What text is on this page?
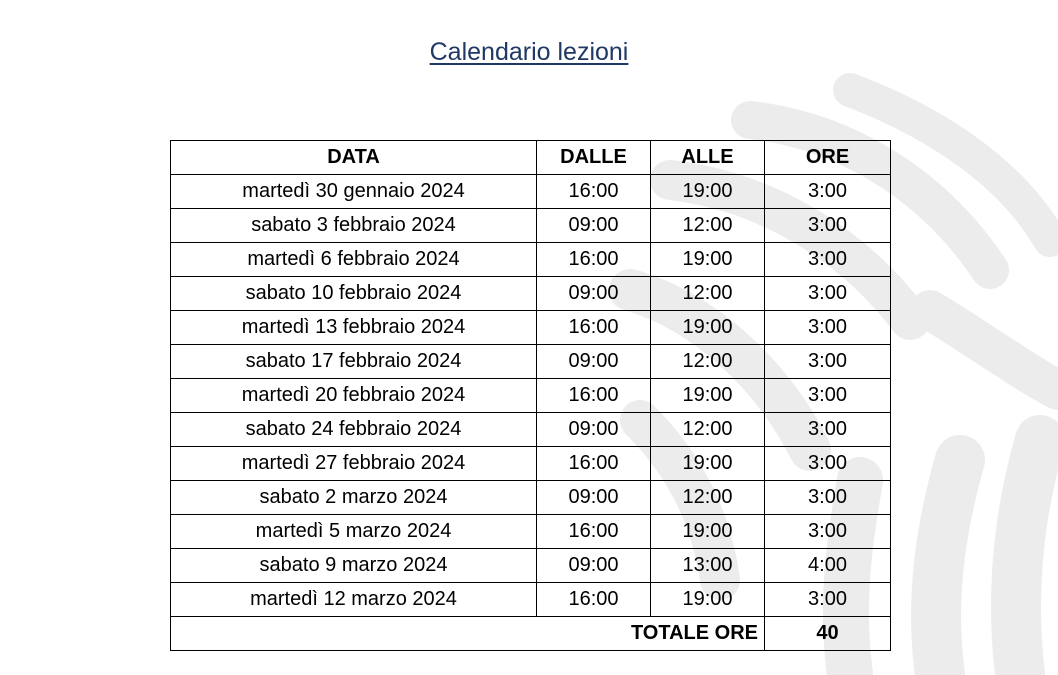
Calendario lezioni
DATA	DALLE	ALLE	ORE
martedì 30 gennaio 2024	16:00	19:00	3:00
sabato 3 febbraio 2024	09:00	12:00	3:00
martedì 6 febbraio 2024	16:00	19:00	3:00
sabato 10 febbraio 2024	09:00	12:00	3:00
martedì 13 febbraio 2024	16:00	19:00	3:00
sabato 17 febbraio 2024	09:00	12:00	3:00
martedì 20 febbraio 2024	16:00	19:00	3:00
sabato 24 febbraio 2024	09:00	12:00	3:00
martedì 27 febbraio 2024	16:00	19:00	3:00
sabato 2 marzo 2024	09:00	12:00	3:00
martedì 5 marzo 2024	16:00	19:00	3:00
sabato 9 marzo 2024	09:00	13:00	4:00
martedì 12 marzo 2024	16:00	19:00	3:00
TOTALE ORE			40
